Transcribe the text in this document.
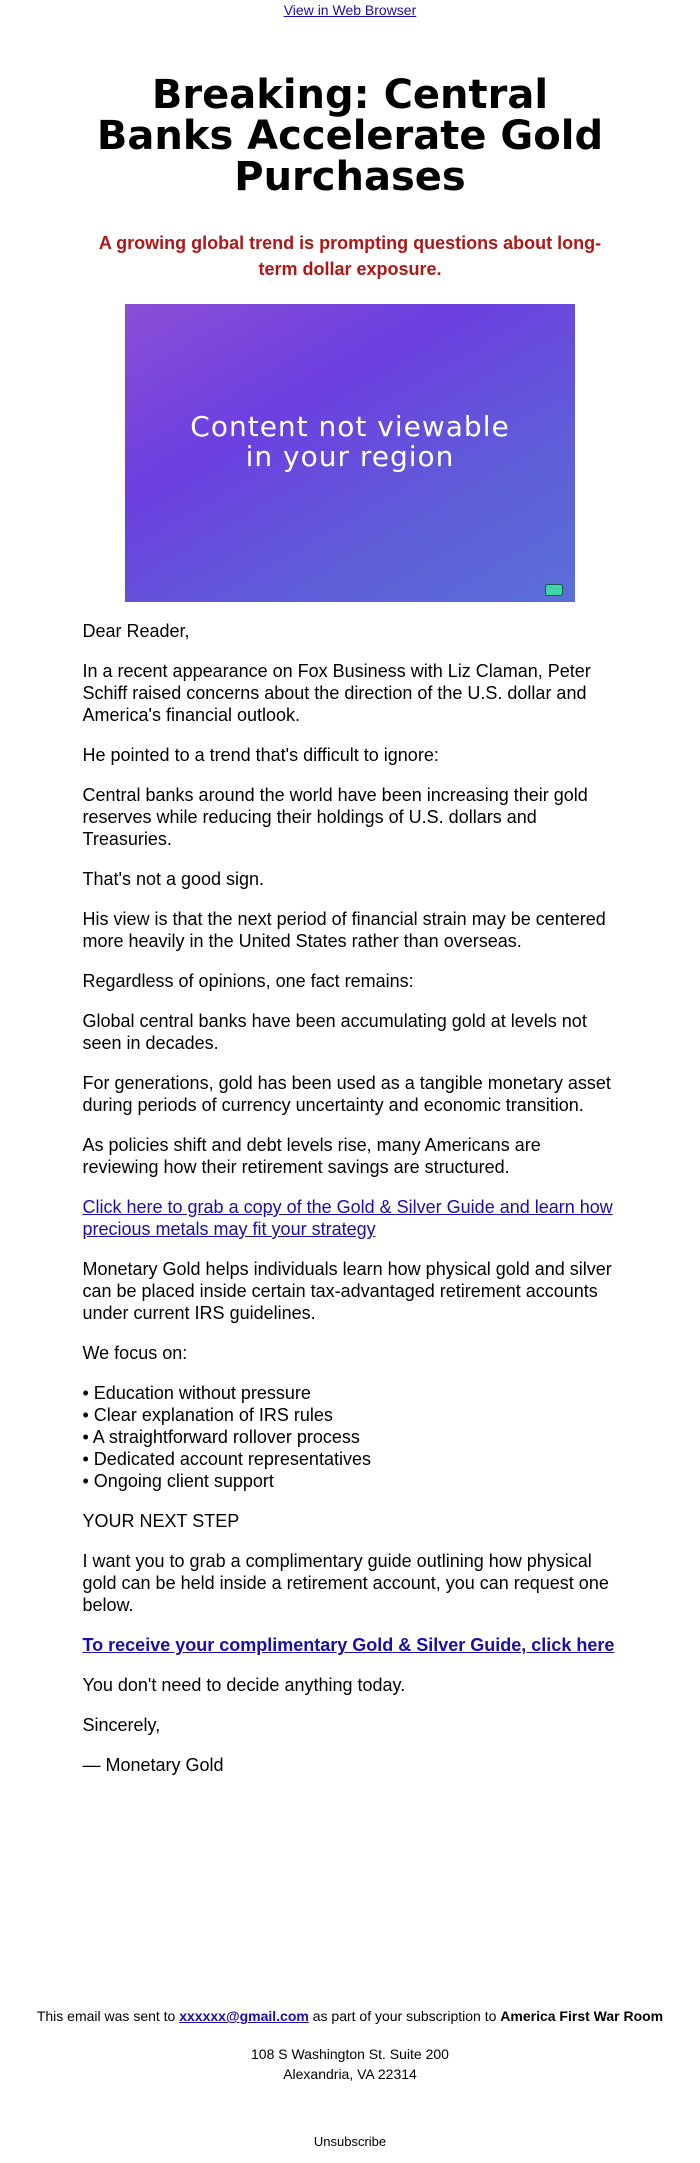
View in Web Browser
Breaking: Central
Banks Accelerate Gold
Purchases
A growing global trend is prompting questions about long-term dollar exposure.
Content not viewable
in your region

Dear Reader,

In a recent appearance on Fox Business with Liz Claman, Peter Schiff raised concerns about the direction of the U.S. dollar and America's financial outlook.

He pointed to a trend that's difficult to ignore:

Central banks around the world have been increasing their gold reserves while reducing their holdings of U.S. dollars and Treasuries.

That's not a good sign.

His view is that the next period of financial strain may be centered more heavily in the United States rather than overseas.

Regardless of opinions, one fact remains:

Global central banks have been accumulating gold at levels not seen in decades.

For generations, gold has been used as a tangible monetary asset during periods of currency uncertainty and economic transition.

As policies shift and debt levels rise, many Americans are reviewing how their retirement savings are structured.

Click here to grab a copy of the Gold & Silver Guide and learn how precious metals may fit your strategy

Monetary Gold helps individuals learn how physical gold and silver can be placed inside certain tax-advantaged retirement accounts under current IRS guidelines.

We focus on:

• Education without pressure
• Clear explanation of IRS rules
• A straightforward rollover process
• Dedicated account representatives
• Ongoing client support

YOUR NEXT STEP

I want you to grab a complimentary guide outlining how physical gold can be held inside a retirement account, you can request one below.

To receive your complimentary Gold & Silver Guide, click here

You don't need to decide anything today.

Sincerely,

— Monetary Gold

This email was sent to xxxxxx@gmail.com as part of your subscription to America First War Room
108 S Washington St. Suite 200
Alexandria, VA 22314
Unsubscribe
